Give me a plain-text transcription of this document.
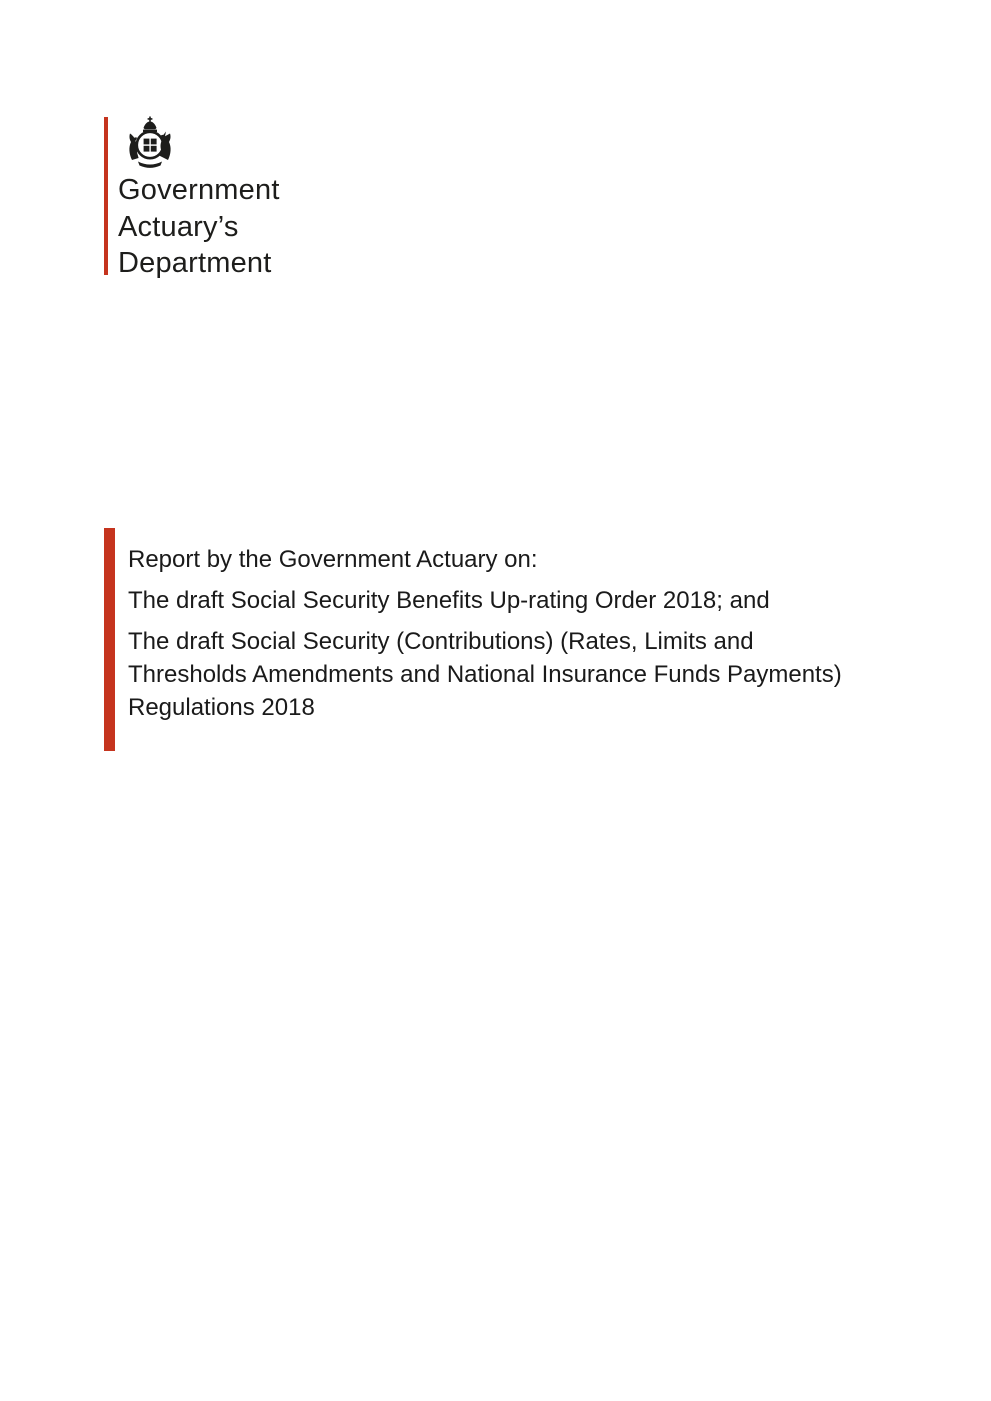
Government
Actuary’s
Department

Report by the Government Actuary on:

The draft Social Security Benefits Up-rating Order 2018; and

The draft Social Security (Contributions) (Rates, Limits and Thresholds Amendments and National Insurance Funds Payments) Regulations 2018
